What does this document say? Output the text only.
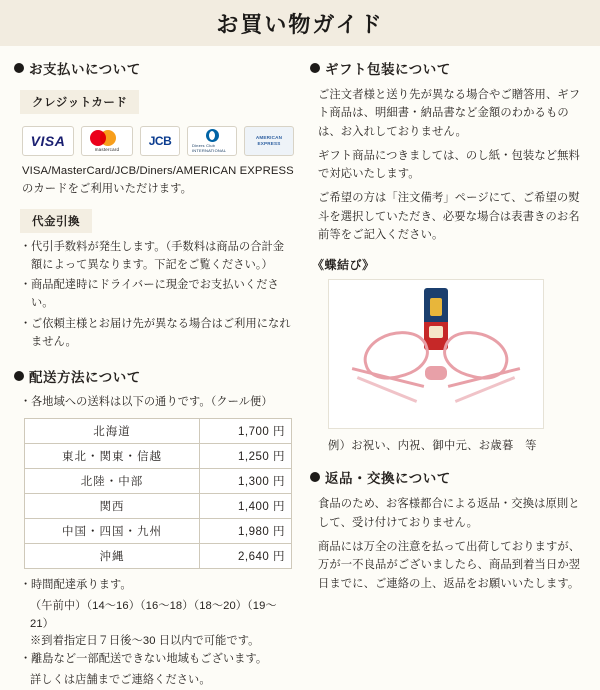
お買い物ガイド
お支払いについて
クレジットカード
VISA
mastercard
JCB	Diners Club INTERNATIONAL
AMERICAN EXPRESS
VISA/MasterCard/JCB/Diners/AMERICAN EXPRESS のカードをご利用いただけます。
代金引換
・ 代引手数料が発生します。（手数料は商品の合計金額によって異なります。下記をご覧ください。）
・ 商品配達時にドライバーに現金でお支払いください。
・ ご依頼主様とお届け先が異なる場合はご利用になれません。
配送方法について
・ 各地域への送料は以下の通りです。（クール便）
北海道	1,700 円
東北・関東・信越	1,250 円
北陸・中部	1,300 円
関西	1,400 円
中国・四国・九州	1,980 円
沖縄	2,640 円
・ 時間配達承ります。
（午前中）（14～16）（16～18）（18～20）（19～21）
※到着指定日７日後～30 日以内で可能です。
・ 離島など一部配送できない地域もございます。
詳しくは店舗までご連絡ください。
ギフト包装について
ご注文者様と送り先が異なる場合やご贈答用、ギフト商品は、明細書・納品書など金額のわかるものは、お入れしておりません。
ギフト商品につきましては、のし紙・包装など無料で対応いたします。
ご希望の方は「注文備考」ページにて、ご希望の熨斗を選択していただき、必要な場合は表書きのお名前等をご記入ください。
《蝶結び》
例）お祝い、内祝、御中元、お歳暮　等
返品・交換について
食品のため、お客様都合による返品・交換は原則として、受け付けておりません。
商品には万全の注意を払って出荷しておりますが、万が一不良品がございましたら、商品到着当日か翌日までに、ご連絡の上、返品をお願いいたします。
